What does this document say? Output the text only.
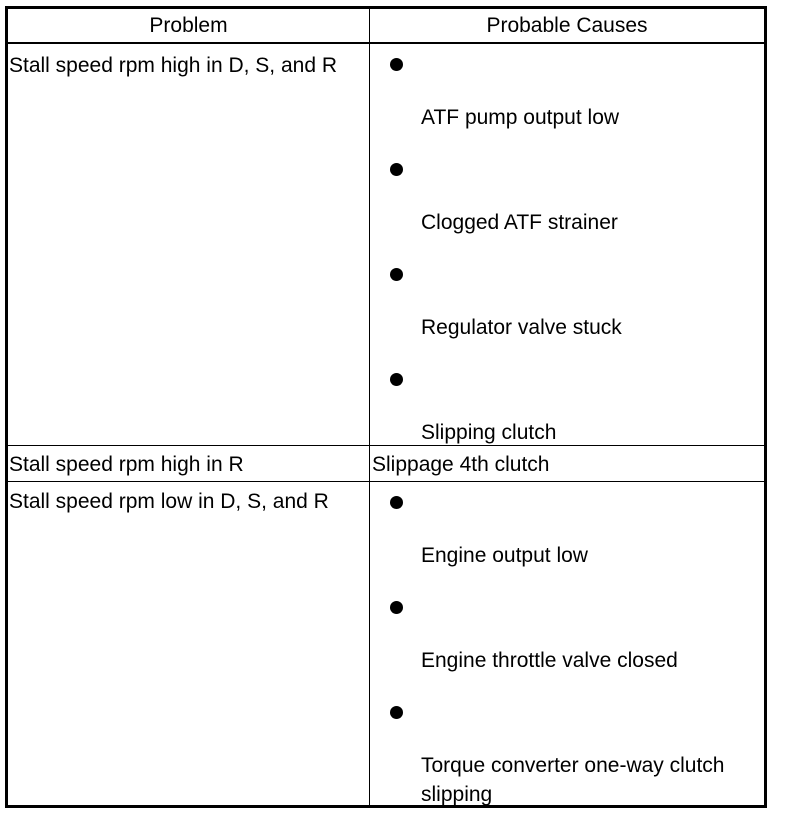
Problem	Probable Causes
Stall speed rpm high in D, S, and R
ATF pump output low
Clogged ATF strainer
Regulator valve stuck
Slipping clutch
Stall speed rpm high in R	Slippage 4th clutch
Stall speed rpm low in D, S, and R
Engine output low
Engine throttle valve closed
Torque converter one-way clutch slipping
